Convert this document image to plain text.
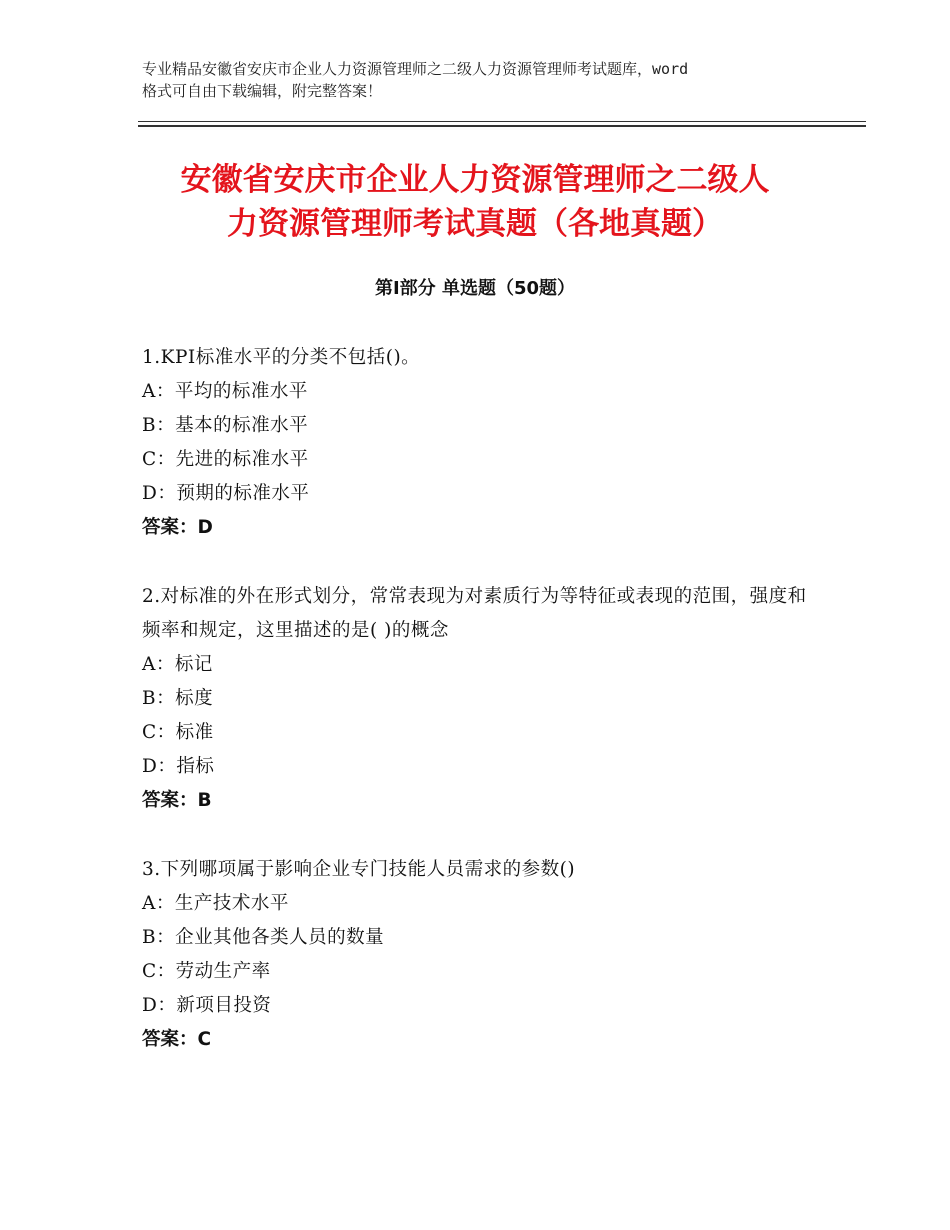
专业精品安徽省安庆市企业人力资源管理师之二级人力资源管理师考试题库，word
格式可自由下载编辑，附完整答案！
安徽省安庆市企业人力资源管理师之二级人
力资源管理师考试真题（各地真题）
第Ⅰ部分 单选题（50题）
1.KPI标准水平的分类不包括()。
A：平均的标准水平
B：基本的标准水平
C：先进的标准水平
D：预期的标准水平
答案：D
2.对标准的外在形式划分，常常表现为对素质行为等特征或表现的范围，强度和频率和规定，这里描述的是( )的概念
A：标记
B：标度
C：标准
D：指标
答案：B
3.下列哪项属于影响企业专门技能人员需求的参数()
A：生产技术水平
B：企业其他各类人员的数量
C：劳动生产率
D：新项目投资
答案：C
